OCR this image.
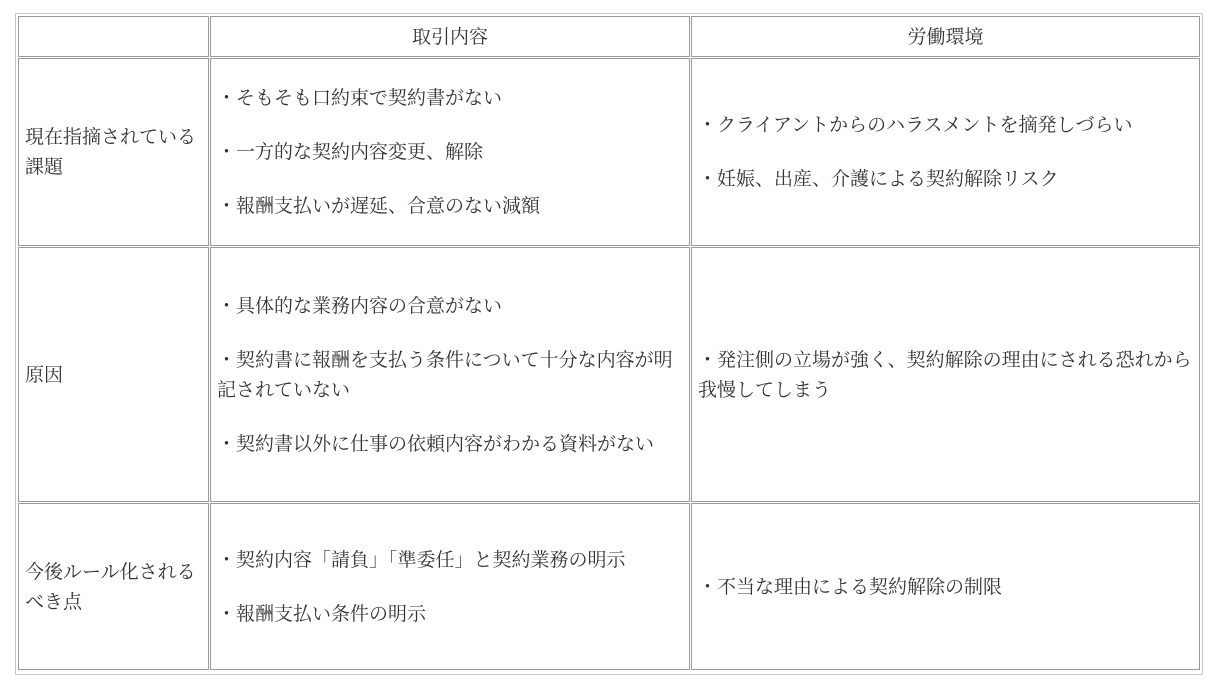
取引内容	労働環境
現在指摘されている課題

・そもそも口約束で契約書がない

・一方的な契約内容変更、解除

・報酬支払いが遅延、合意のない減額

・クライアントからのハラスメントを摘発しづらい

・妊娠、出産、介護による契約解除リスク

原因

・具体的な業務内容の合意がない

・契約書に報酬を支払う条件について十分な内容が明記されていない

・契約書以外に仕事の依頼内容がわかる資料がない

・発注側の立場が強く、契約解除の理由にされる恐れから我慢してしまう

今後ルール化されるべき点

・契約内容「請負」「準委任」と契約業務の明示

・報酬支払い条件の明示

・不当な理由による契約解除の制限
